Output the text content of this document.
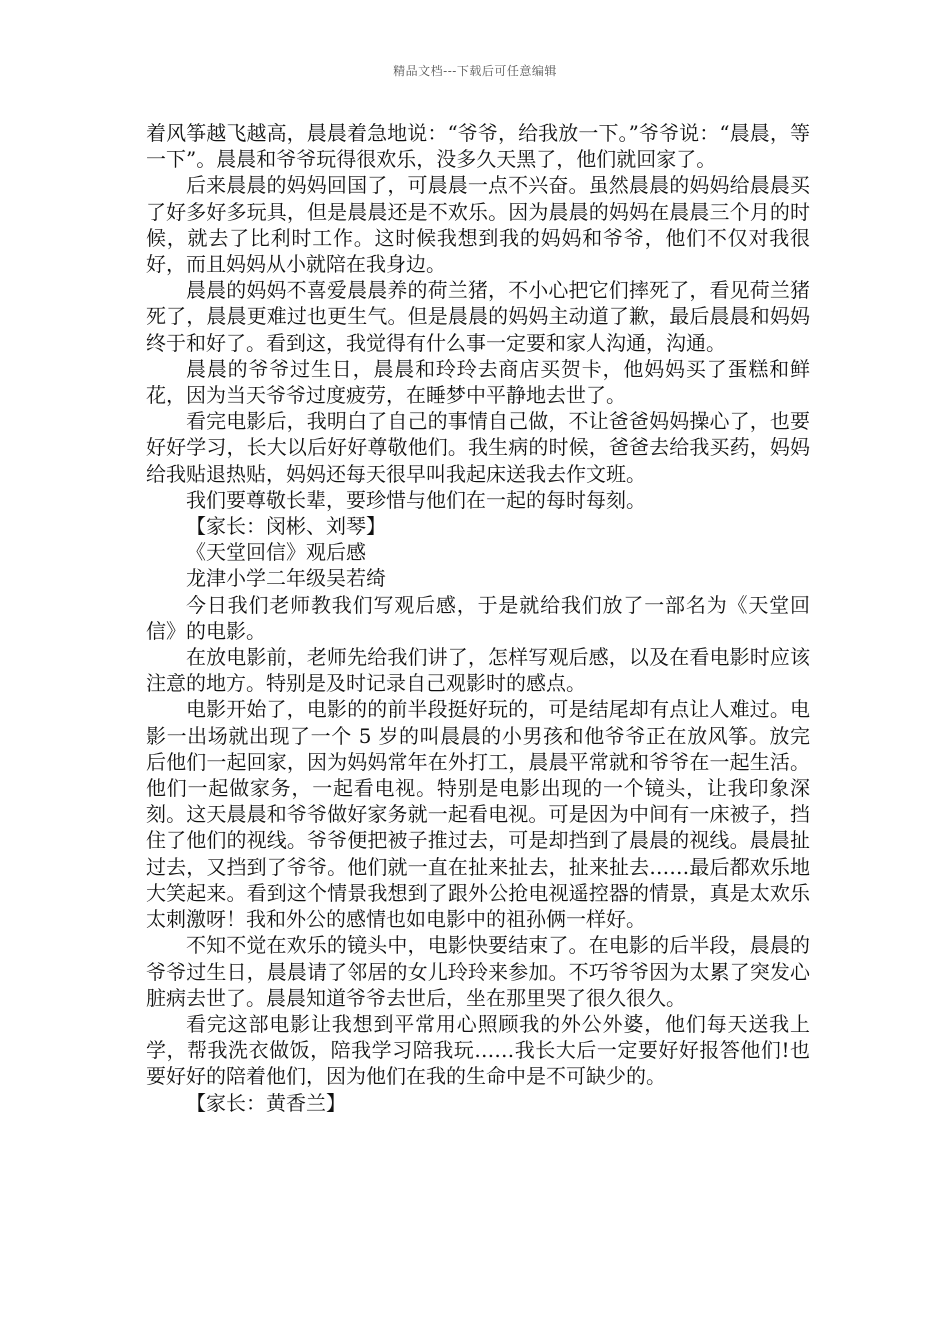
精品文档---下载后可任意编辑

着风筝越飞越高，晨晨着急地说：“爷爷，给我放一下。”爷爷说：“晨晨，等一下”。晨晨和爷爷玩得很欢乐，没多久天黑了，他们就回家了。

后来晨晨的妈妈回国了，可晨晨一点不兴奋。虽然晨晨的妈妈给晨晨买了好多好多玩具，但是晨晨还是不欢乐。因为晨晨的妈妈在晨晨三个月的时候，就去了比利时工作。这时候我想到我的妈妈和爷爷，他们不仅对我很好，而且妈妈从小就陪在我身边。

晨晨的妈妈不喜爱晨晨养的荷兰猪，不小心把它们摔死了，看见荷兰猪死了，晨晨更难过也更生气。但是晨晨的妈妈主动道了歉，最后晨晨和妈妈终于和好了。看到这，我觉得有什么事一定要和家人沟通，沟通。

晨晨的爷爷过生日，晨晨和玲玲去商店买贺卡，他妈妈买了蛋糕和鲜花，因为当天爷爷过度疲劳，在睡梦中平静地去世了。

看完电影后，我明白了自己的事情自己做，不让爸爸妈妈操心了，也要好好学习，长大以后好好尊敬他们。我生病的时候，爸爸去给我买药，妈妈给我贴退热贴，妈妈还每天很早叫我起床送我去作文班。

我们要尊敬长辈，要珍惜与他们在一起的每时每刻。

【家长：闵彬、刘琴】

《天堂回信》观后感

龙津小学二年级吴若绮

今日我们老师教我们写观后感，于是就给我们放了一部名为《天堂回信》的电影。

在放电影前，老师先给我们讲了，怎样写观后感，以及在看电影时应该注意的地方。特别是及时记录自己观影时的感点。

电影开始了，电影的的前半段挺好玩的，可是结尾却有点让人难过。电影一出场就出现了一个 5 岁的叫晨晨的小男孩和他爷爷正在放风筝。放完后他们一起回家，因为妈妈常年在外打工，晨晨平常就和爷爷在一起生活。他们一起做家务，一起看电视。特别是电影出现的一个镜头，让我印象深刻。这天晨晨和爷爷做好家务就一起看电视。可是因为中间有一床被子，挡住了他们的视线。爷爷便把被子推过去，可是却挡到了晨晨的视线。晨晨扯过去，又挡到了爷爷。他们就一直在扯来扯去，扯来扯去……最后都欢乐地大笑起来。看到这个情景我想到了跟外公抢电视遥控器的情景，真是太欢乐太刺激呀！我和外公的感情也如电影中的祖孙俩一样好。

不知不觉在欢乐的镜头中，电影快要结束了。在电影的后半段，晨晨的爷爷过生日，晨晨请了邻居的女儿玲玲来参加。不巧爷爷因为太累了突发心脏病去世了。晨晨知道爷爷去世后，坐在那里哭了很久很久。

看完这部电影让我想到平常用心照顾我的外公外婆，他们每天送我上学，帮我洗衣做饭，陪我学习陪我玩……我长大后一定要好好报答他们!也要好好的陪着他们，因为他们在我的生命中是不可缺少的。

【家长：黄香兰】
